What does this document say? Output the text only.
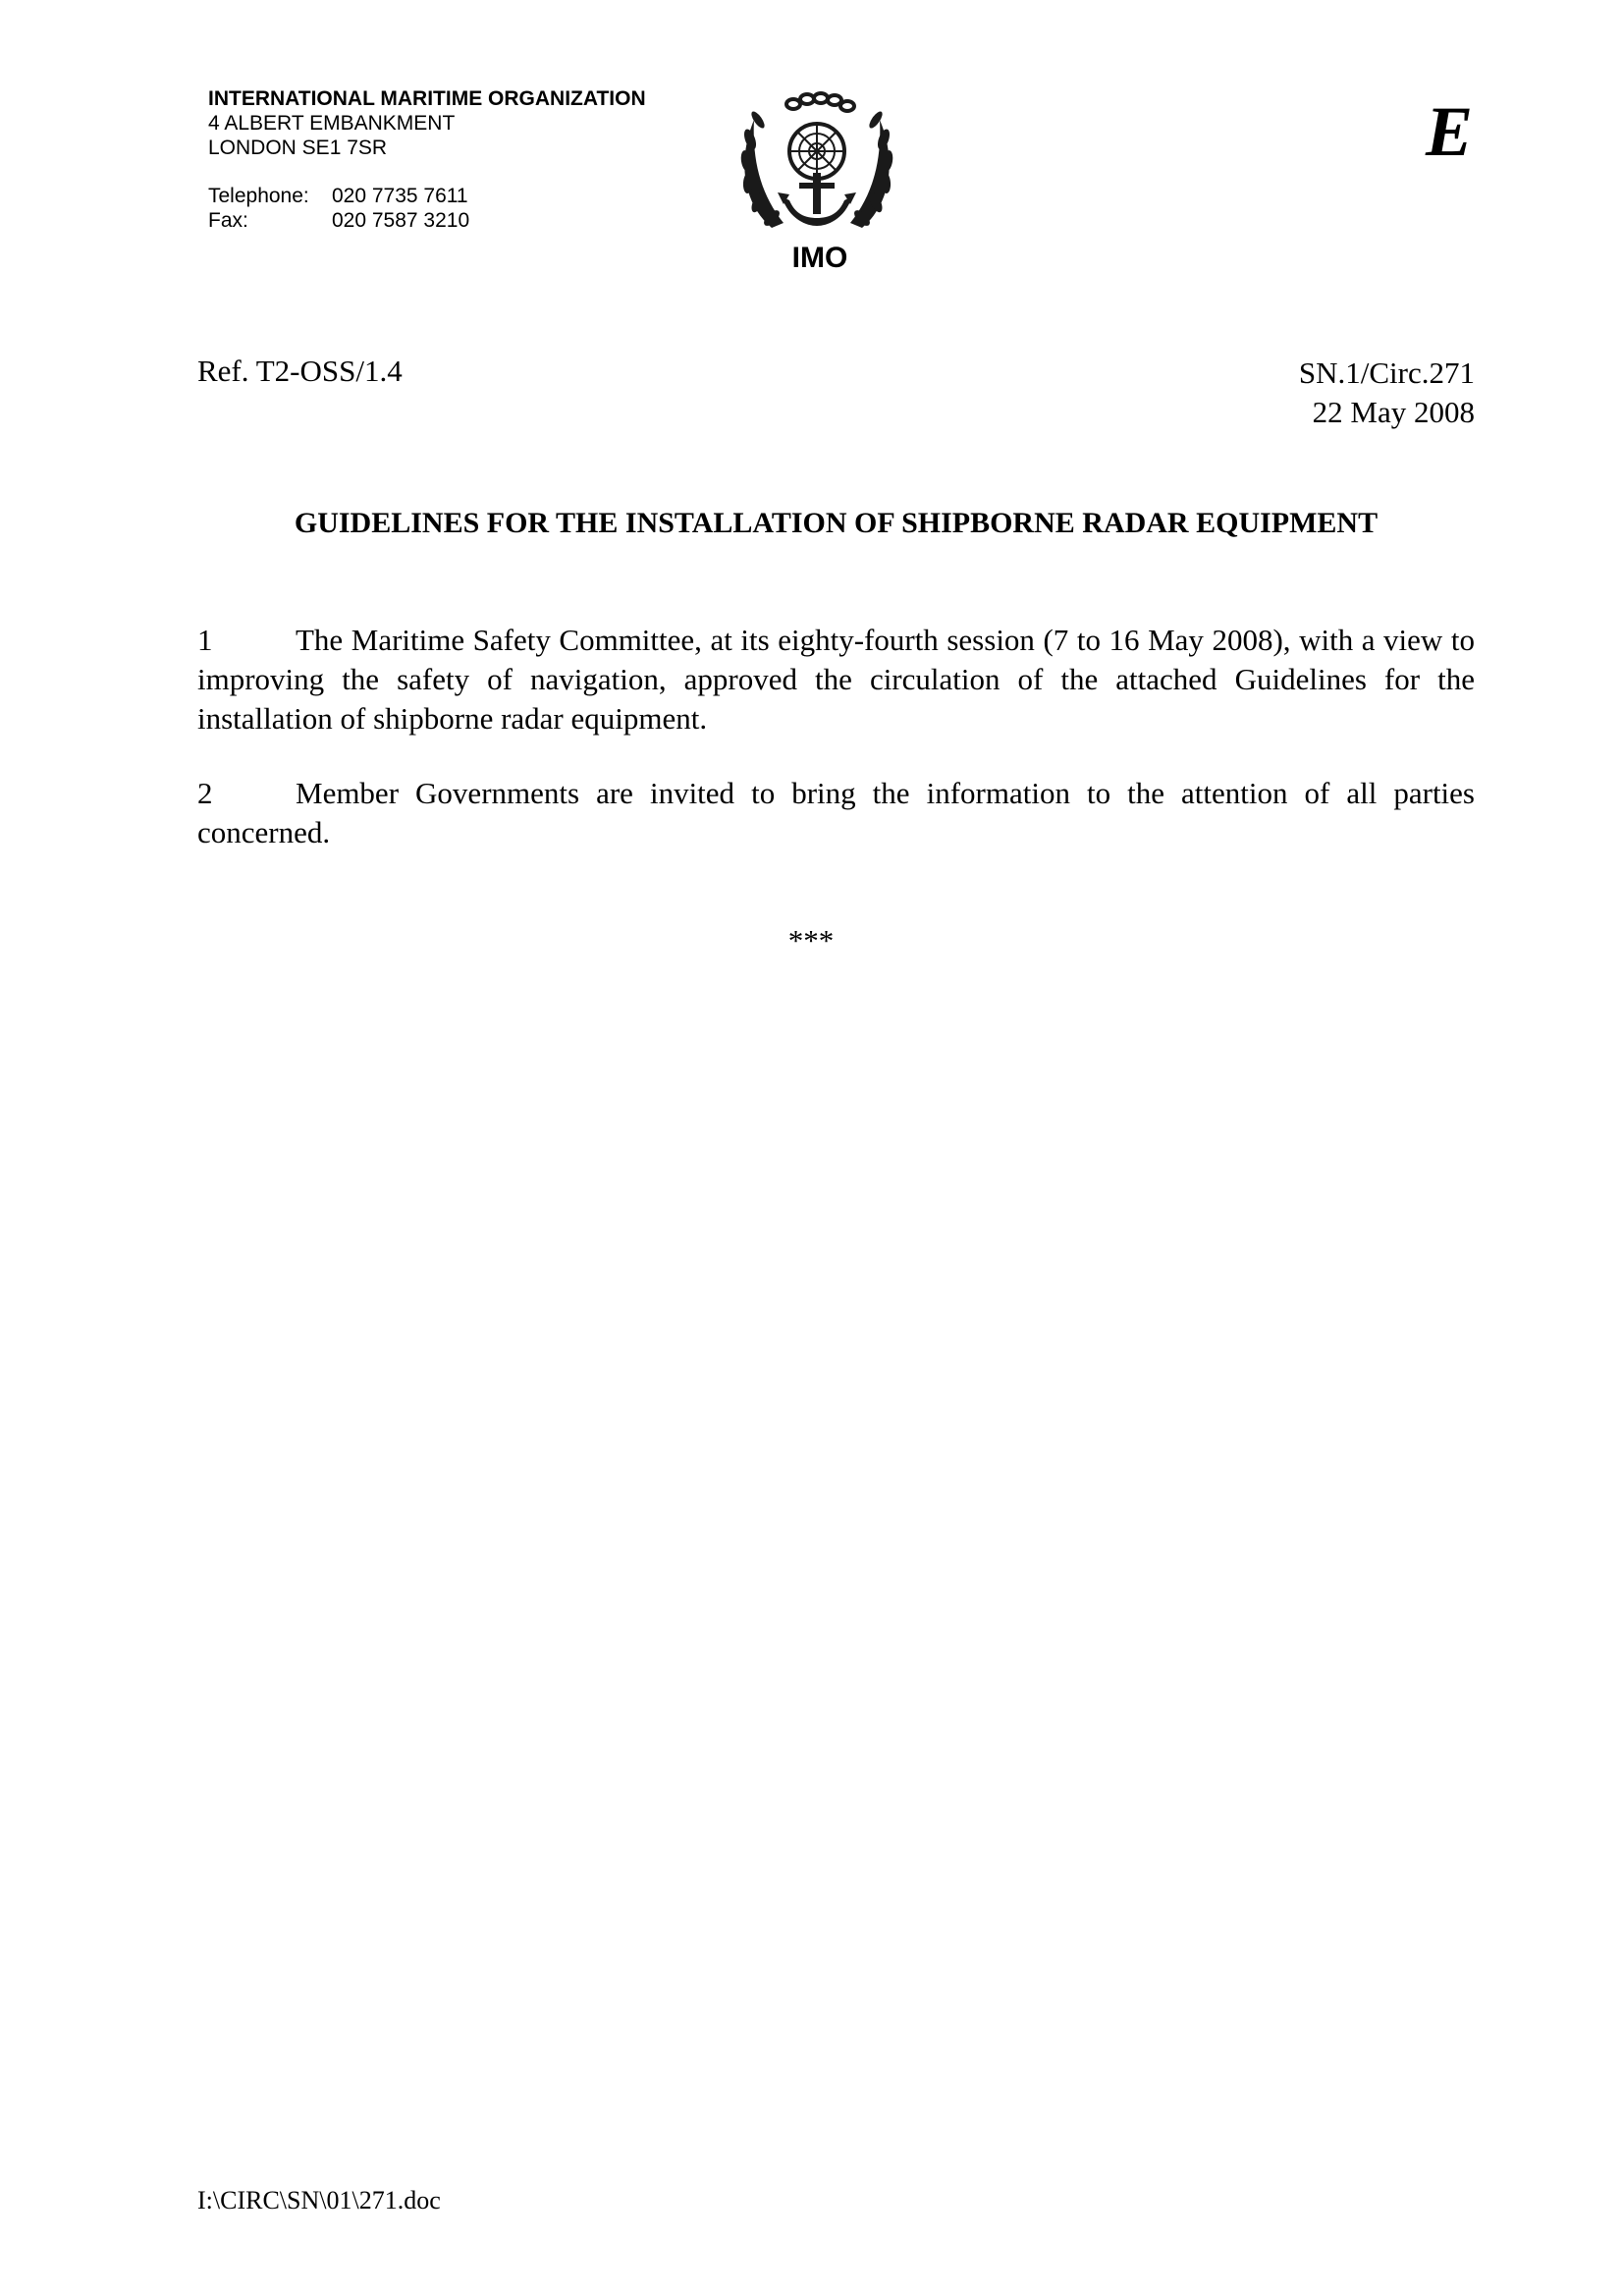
INTERNATIONAL MARITIME ORGANIZATION
4 ALBERT EMBANKMENT
LONDON SE1 7SR
Telephone:	020 7735 7611
Fax:	020 7587 3210
IMO
E
Ref. T2-OSS/1.4	SN.1/Circ.271
22 May 2008
GUIDELINES FOR THE INSTALLATION OF SHIPBORNE RADAR EQUIPMENT
1	The Maritime Safety Committee, at its eighty-fourth session (7 to 16 May 2008), with a view to improving the safety of navigation, approved the circulation of the attached Guidelines for the installation of shipborne radar equipment.
2	Member Governments are invited to bring the information to the attention of all parties concerned.
***
I:\CIRC\SN\01\271.doc
